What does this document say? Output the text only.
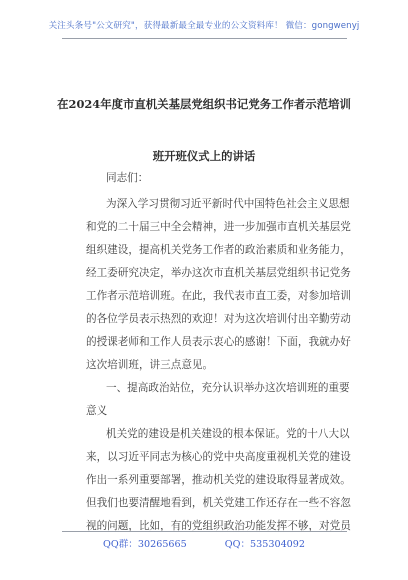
关注头条号"公文研究"，获得最新最全最专业的公文资料库！ 微信：gongwenyj
在2024年度市直机关基层党组织书记党务工作者示范培训
班开班仪式上的讲话
同志们：
为深入学习贯彻习近平新时代中国特色社会主义思想
和党的二十届三中全会精神，进一步加强市直机关基层党
组织建设，提高机关党务工作者的政治素质和业务能力，
经工委研究决定，举办这次市直机关基层党组织书记党务
工作者示范培训班。在此，我代表市直工委，对参加培训
的各位学员表示热烈的欢迎！对为这次培训付出辛勤劳动
的授课老师和工作人员表示衷心的感谢！下面，我就办好
这次培训班，讲三点意见。
一、提高政治站位，充分认识举办这次培训班的重要
意义
机关党的建设是机关建设的根本保证。党的十八大以
来，以习近平同志为核心的党中央高度重视机关党的建设
作出一系列重要部署，推动机关党的建设取得显著成效。
但我们也要清醒地看到，机关党建工作还存在一些不容忽
视的问题，比如，有的党组织政治功能发挥不够，对党员
QQ群：30265665	QQ：535304092
